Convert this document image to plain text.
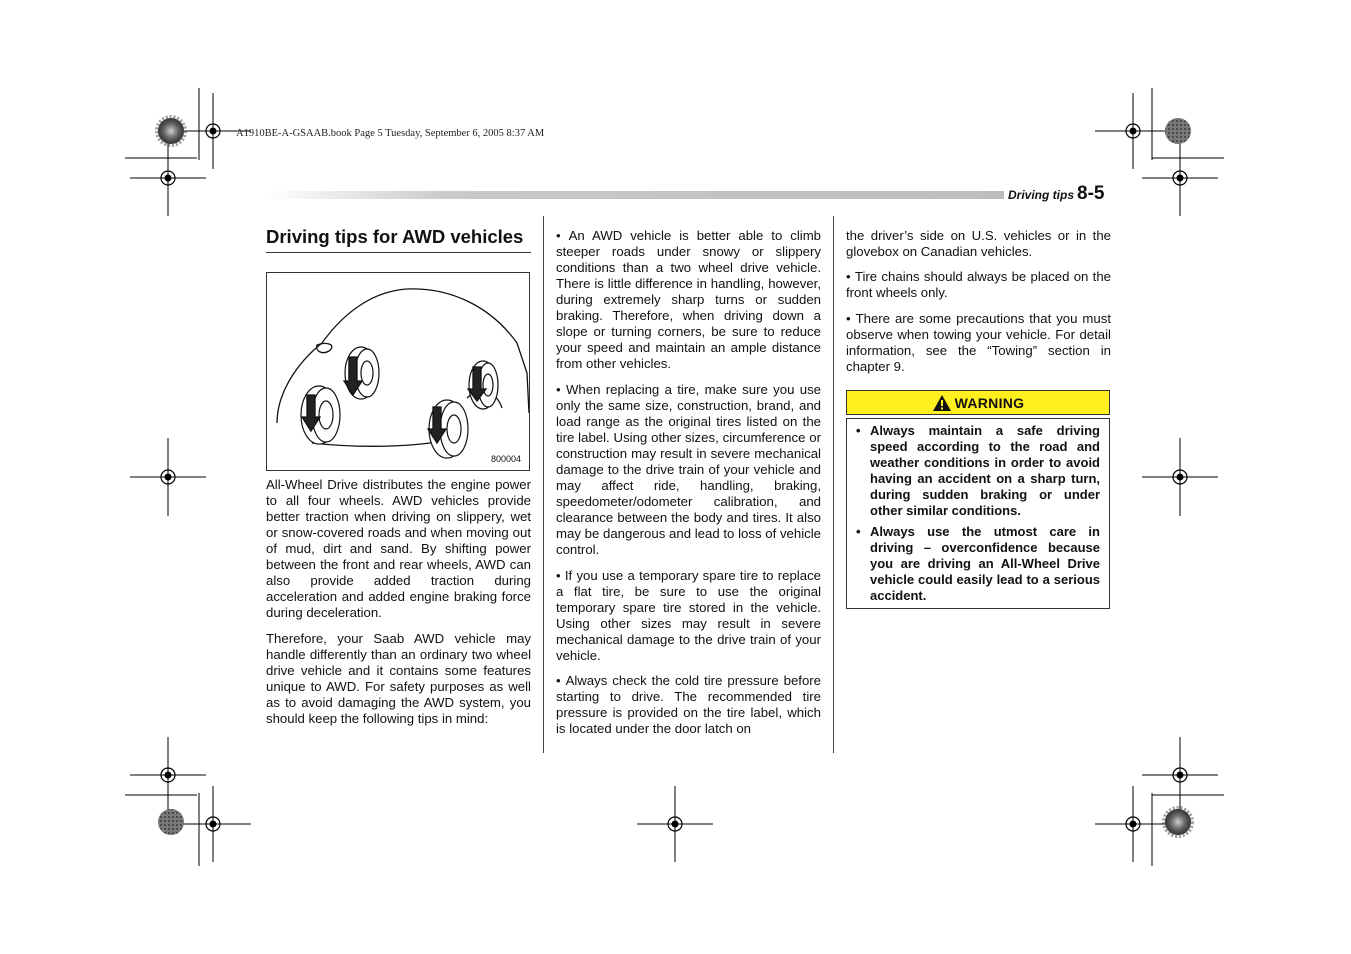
A1910BE-A-GSAAB.book Page 5 Tuesday, September 6, 2005 8:37 AM
Driving tips 8-5
Driving tips for AWD vehicles
800004

All-Wheel Drive distributes the engine power to all four wheels. AWD vehicles provide better traction when driving on slippery, wet or snow-covered roads and when moving out of mud, dirt and sand. By shifting power between the front and rear wheels, AWD can also provide added traction during acceleration and added engine braking force during deceleration.

Therefore, your Saab AWD vehicle may handle differently than an ordinary two wheel drive vehicle and it contains some features unique to AWD. For safety purposes as well as to avoid damaging the AWD system, you should keep the following tips in mind:

• An AWD vehicle is better able to climb steeper roads under snowy or slippery conditions than a two wheel drive vehicle. There is little difference in handling, however, during extremely sharp turns or sudden braking. Therefore, when driving down a slope or turning corners, be sure to reduce your speed and maintain an ample distance from other vehicles.

• When replacing a tire, make sure you use only the same size, construction, brand, and load range as the original tires listed on the tire label. Using other sizes, circumference or construction may result in severe mechanical damage to the drive train of your vehicle and may affect ride, handling, braking, speedometer/odometer calibration, and clearance between the body and tires. It also may be dangerous and lead to loss of vehicle control.

• If you use a temporary spare tire to replace a flat tire, be sure to use the original temporary spare tire stored in the vehicle. Using other sizes may result in severe mechanical damage to the drive train of your vehicle.

• Always check the cold tire pressure before starting to drive. The recommended tire pressure is provided on the tire label, which is located under the door latch on

the driver’s side on U.S. vehicles or in the glovebox on Canadian vehicles.

• Tire chains should always be placed on the front wheels only.

• There are some precautions that you must observe when towing your vehicle. For detail information, see the “Towing” section in chapter 9.

WARNING
• Always maintain a safe driving speed according to the road and weather conditions in order to avoid having an accident on a sharp turn, during sudden braking or under other similar conditions.
• Always use the utmost care in driving – overconfidence because you are driving an All-Wheel Drive vehicle could easily lead to a serious accident.
